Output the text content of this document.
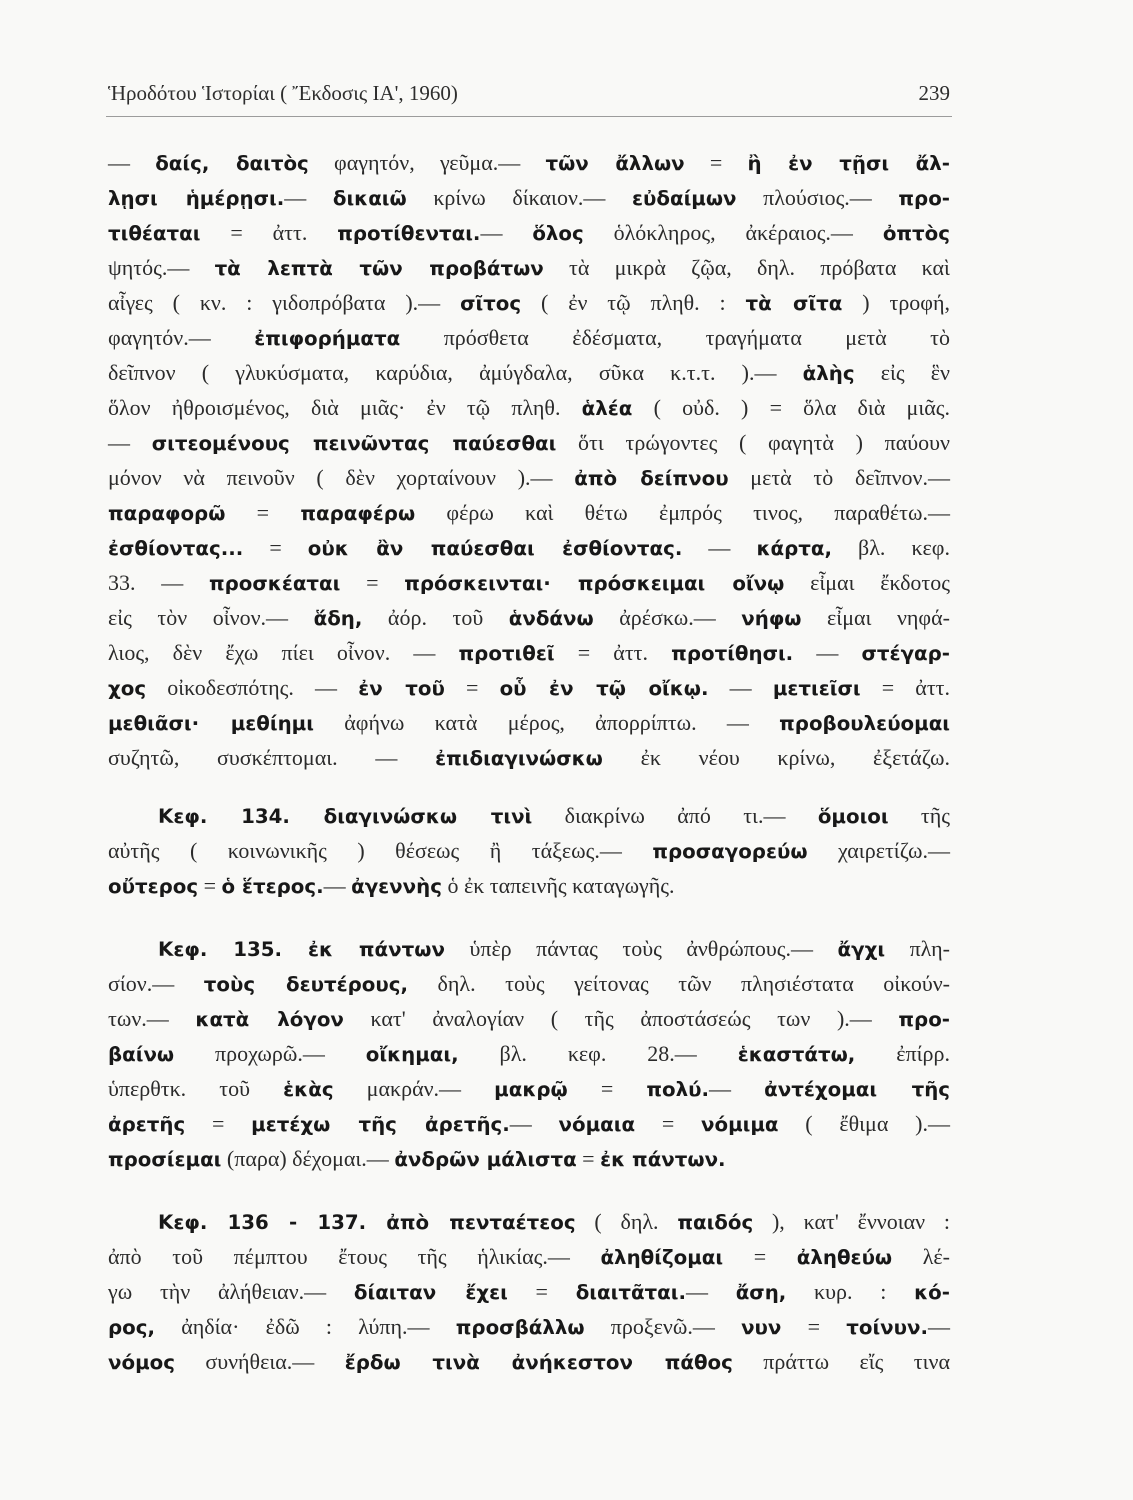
Ἡροδότου Ἱστορίαι ( Ἔκδοσις ΙΑ', 1960)	239
— δαίς, δαιτὸς φαγητόν, γεῦμα.— τῶν ἄλλων = ἢ ἐν τῇσι ἄλ-
λῃσι ἡμέρῃσι.— δικαιῶ κρίνω δίκαιον.— εὐδαίμων πλούσιος.— προ-
τιθέαται = ἀττ. προτίθενται.— ὅλος ὁλόκληρος, ἀκέραιος.— ὀπτὸς
ψητός.— τὰ λεπτὰ τῶν προβάτων τὰ μικρὰ ζῷα, δηλ. πρόβατα καὶ
αἶγες ( κν. : γιδοπρόβατα ).— σῖτος ( ἐν τῷ πληθ. : τὰ σῖτα ) τροφή,
φαγητόν.— ἐπιφορήματα πρόσθετα ἐδέσματα, τραγήματα μετὰ τὸ
δεῖπνον ( γλυκύσματα, καρύδια, ἀμύγδαλα, σῦκα κ.τ.τ. ).— ἁλὴς εἰς ἓν
ὅλον ἠθροισμένος, διὰ μιᾶς· ἐν τῷ πληθ. ἁλέα ( οὐδ. ) = ὅλα διὰ μιᾶς.
— σιτεομένους πεινῶντας παύεσθαι ὅτι τρώγοντες ( φαγητὰ ) παύουν
μόνον νὰ πεινοῦν ( δὲν χορταίνουν ).— ἀπὸ δείπνου μετὰ τὸ δεῖπνον.—
παραφορῶ = παραφέρω φέρω καὶ θέτω ἐμπρός τινος, παραθέτω.—
ἐσθίοντας... = οὐκ ἂν παύεσθαι ἐσθίοντας. — κάρτα, βλ. κεφ.
33. — προσκέαται = πρόσκεινται· πρόσκειμαι οἴνῳ εἶμαι ἔκδοτος
εἰς τὸν οἶνον.— ἅδη, ἀόρ. τοῦ ἁνδάνω ἀρέσκω.— νήφω εἶμαι νηφά-
λιος, δὲν ἔχω πίει οἶνον. — προτιθεῖ = ἀττ. προτίθησι. — στέγαρ-
χος οἰκοδεσπότης. — ἐν τοῦ = οὗ ἐν τῷ οἴκῳ. — μετιεῖσι = ἀττ.
μεθιᾶσι· μεθίημι ἀφήνω κατὰ μέρος, ἀπορρίπτω. — προβουλεύομαι
συζητῶ, συσκέπτομαι. — ἐπιδιαγινώσκω ἐκ νέου κρίνω, ἐξετάζω.
Κεφ. 134. διαγινώσκω τινὶ διακρίνω ἀπό τι.— ὅμοιοι τῆς
αὐτῆς ( κοινωνικῆς ) θέσεως ἢ τάξεως.— προσαγορεύω χαιρετίζω.—
οὔτερος = ὁ ἕτερος.— ἀγεννὴς ὁ ἐκ ταπεινῆς καταγωγῆς.
Κεφ. 135. ἐκ πάντων ὑπὲρ πάντας τοὺς ἀνθρώπους.— ἄγχι πλη-
σίον.— τοὺς δευτέρους, δηλ. τοὺς γείτονας τῶν πλησιέστατα οἰκούν-
των.— κατὰ λόγον κατ' ἀναλογίαν ( τῆς ἀποστάσεώς των ).— προ-
βαίνω προχωρῶ.— οἴκημαι, βλ. κεφ. 28.— ἑκαστάτω, ἐπίρρ.
ὑπερθτκ. τοῦ ἑκὰς μακράν.— μακρῷ = πολύ.— ἀντέχομαι τῆς
ἀρετῆς = μετέχω τῆς ἀρετῆς.— νόμαια = νόμιμα ( ἔθιμα ).—
προσίεμαι (παρα) δέχομαι.— ἀνδρῶν μάλιστα = ἐκ πάντων.
Κεφ. 136 - 137. ἀπὸ πενταέτεος ( δηλ. παιδός ), κατ' ἔννοιαν :
ἀπὸ τοῦ πέμπτου ἔτους τῆς ἡλικίας.— ἀληθίζομαι = ἀληθεύω λέ-
γω τὴν ἀλήθειαν.— δίαιταν ἔχει = διαιτᾶται.— ἄση, κυρ. : κό-
ρος, ἀηδία· ἐδῶ : λύπη.— προσβάλλω προξενῶ.— νυν = τοίνυν.—
νόμος συνήθεια.— ἔρδω τινὰ ἀνήκεστον πάθος πράττω εἴς τινα
